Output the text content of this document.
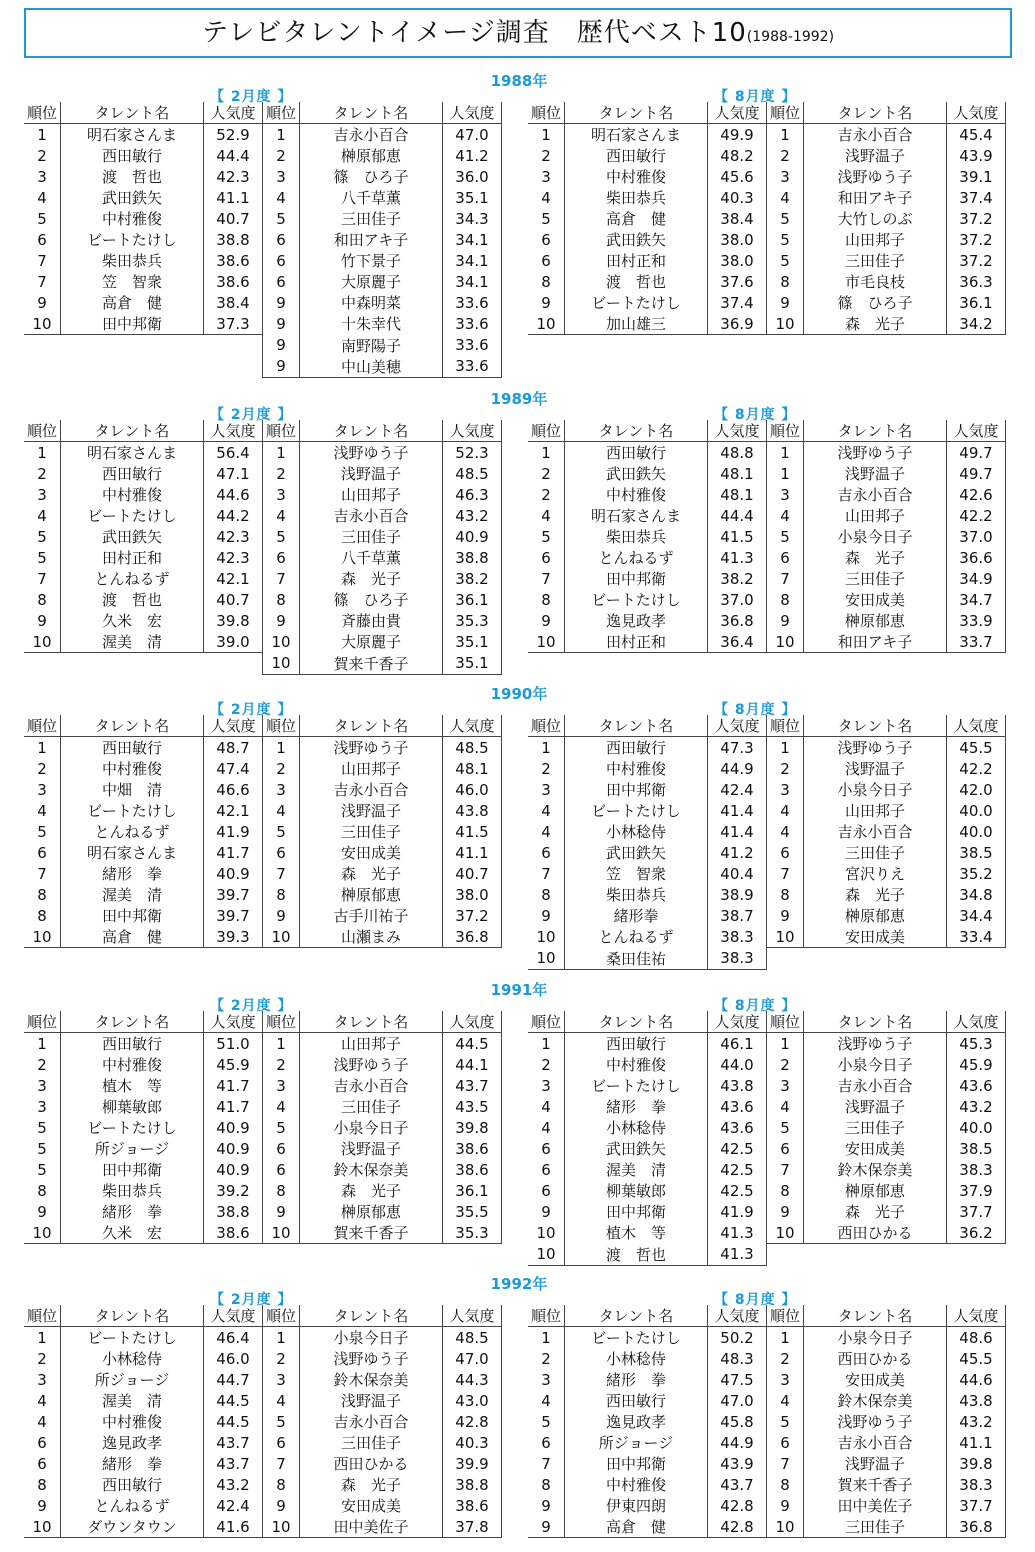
テレビタレントイメージ調査　歴代ベスト10(1988-1992)
1988年
【 2月度 】	【 8月度 】
順位	タレント名	人気度	順位	タレント名	人気度
1	明石家さんま	52.9	1	吉永小百合	47.0
2	西田敏行	44.4	2	榊原郁恵	41.2
3	渡　哲也	42.3	3	篠　ひろ子	36.0
4	武田鉄矢	41.1	4	八千草薫	35.1
5	中村雅俊	40.7	5	三田佳子	34.3
6	ビートたけし	38.8	6	和田アキ子	34.1
7	柴田恭兵	38.6	6	竹下景子	34.1
7	笠　智衆	38.6	6	大原麗子	34.1
9	高倉　健	38.4	9	中森明菜	33.6
10	田中邦衛	37.3	9	十朱幸代	33.6
			9	南野陽子	33.6
			9	中山美穂	33.6
順位	タレント名	人気度	順位	タレント名	人気度
1	明石家さんま	49.9	1	吉永小百合	45.4
2	西田敏行	48.2	2	浅野温子	43.9
3	中村雅俊	45.6	3	浅野ゆう子	39.1
4	柴田恭兵	40.3	4	和田アキ子	37.4
5	高倉　健	38.4	5	大竹しのぶ	37.2
6	武田鉄矢	38.0	5	山田邦子	37.2
6	田村正和	38.0	5	三田佳子	37.2
8	渡　哲也	37.6	8	市毛良枝	36.3
9	ビートたけし	37.4	9	篠　ひろ子	36.1
10	加山雄三	36.9	10	森　光子	34.2
1989年
【 2月度 】	【 8月度 】
順位	タレント名	人気度	順位	タレント名	人気度
1	明石家さんま	56.4	1	浅野ゆう子	52.3
2	西田敏行	47.1	2	浅野温子	48.5
3	中村雅俊	44.6	3	山田邦子	46.3
4	ビートたけし	44.2	4	吉永小百合	43.2
5	武田鉄矢	42.3	5	三田佳子	40.9
5	田村正和	42.3	6	八千草薫	38.8
7	とんねるず	42.1	7	森　光子	38.2
8	渡　哲也	40.7	8	篠　ひろ子	36.1
9	久米　宏	39.8	9	斉藤由貴	35.3
10	渥美　清	39.0	10	大原麗子	35.1
			10	賀来千香子	35.1
順位	タレント名	人気度	順位	タレント名	人気度
1	西田敏行	48.8	1	浅野ゆう子	49.7
2	武田鉄矢	48.1	1	浅野温子	49.7
2	中村雅俊	48.1	3	吉永小百合	42.6
4	明石家さんま	44.4	4	山田邦子	42.2
5	柴田恭兵	41.5	5	小泉今日子	37.0
6	とんねるず	41.3	6	森　光子	36.6
7	田中邦衛	38.2	7	三田佳子	34.9
8	ビートたけし	37.0	8	安田成美	34.7
9	逸見政孝	36.8	9	榊原郁恵	33.9
10	田村正和	36.4	10	和田アキ子	33.7
1990年
【 2月度 】	【 8月度 】
順位	タレント名	人気度	順位	タレント名	人気度
1	西田敏行	48.7	1	浅野ゆう子	48.5
2	中村雅俊	47.4	2	山田邦子	48.1
3	中畑　清	46.6	3	吉永小百合	46.0
4	ビートたけし	42.1	4	浅野温子	43.8
5	とんねるず	41.9	5	三田佳子	41.5
6	明石家さんま	41.7	6	安田成美	41.1
7	緒形　拳	40.9	7	森　光子	40.7
8	渥美　清	39.7	8	榊原郁恵	38.0
8	田中邦衛	39.7	9	古手川祐子	37.2
10	高倉　健	39.3	10	山瀬まみ	36.8
順位	タレント名	人気度	順位	タレント名	人気度
1	西田敏行	47.3	1	浅野ゆう子	45.5
2	中村雅俊	44.9	2	浅野温子	42.2
3	田中邦衛	42.4	3	小泉今日子	42.0
4	ビートたけし	41.4	4	山田邦子	40.0
4	小林稔侍	41.4	4	吉永小百合	40.0
6	武田鉄矢	41.2	6	三田佳子	38.5
7	笠　智衆	40.4	7	宮沢りえ	35.2
8	柴田恭兵	38.9	8	森　光子	34.8
9	緒形拳	38.7	9	榊原郁恵	34.4
10	とんねるず	38.3	10	安田成美	33.4
10	桑田佳祐	38.3			
1991年
【 2月度 】	【 8月度 】
順位	タレント名	人気度	順位	タレント名	人気度
1	西田敏行	51.0	1	山田邦子	44.5
2	中村雅俊	45.9	2	浅野ゆう子	44.1
3	植木　等	41.7	3	吉永小百合	43.7
3	柳葉敏郎	41.7	4	三田佳子	43.5
5	ビートたけし	40.9	5	小泉今日子	39.8
5	所ジョージ	40.9	6	浅野温子	38.6
5	田中邦衛	40.9	6	鈴木保奈美	38.6
8	柴田恭兵	39.2	8	森　光子	36.1
9	緒形　拳	38.8	9	榊原郁恵	35.5
10	久米　宏	38.6	10	賀来千香子	35.3
順位	タレント名	人気度	順位	タレント名	人気度
1	西田敏行	46.1	1	浅野ゆう子	45.3
2	中村雅俊	44.0	2	小泉今日子	45.9
3	ビートたけし	43.8	3	吉永小百合	43.6
4	緒形　拳	43.6	4	浅野温子	43.2
4	小林稔侍	43.6	5	三田佳子	40.0
6	武田鉄矢	42.5	6	安田成美	38.5
6	渥美　清	42.5	7	鈴木保奈美	38.3
6	柳葉敏郎	42.5	8	榊原郁恵	37.9
9	田中邦衛	41.9	9	森　光子	37.7
10	植木　等	41.3	10	西田ひかる	36.2
10	渡　哲也	41.3			
1992年
【 2月度 】	【 8月度 】
順位	タレント名	人気度	順位	タレント名	人気度
1	ビートたけし	46.4	1	小泉今日子	48.5
2	小林稔侍	46.0	2	浅野ゆう子	47.0
3	所ジョージ	44.7	3	鈴木保奈美	44.3
4	渥美　清	44.5	4	浅野温子	43.0
4	中村雅俊	44.5	5	吉永小百合	42.8
6	逸見政孝	43.7	6	三田佳子	40.3
6	緒形　拳	43.7	7	西田ひかる	39.9
8	西田敏行	43.2	8	森　光子	38.8
9	とんねるず	42.4	9	安田成美	38.6
10	ダウンタウン	41.6	10	田中美佐子	37.8
順位	タレント名	人気度	順位	タレント名	人気度
1	ビートたけし	50.2	1	小泉今日子	48.6
2	小林稔侍	48.3	2	西田ひかる	45.5
3	緒形　拳	47.5	3	安田成美	44.6
4	西田敏行	47.0	4	鈴木保奈美	43.8
5	逸見政孝	45.8	5	浅野ゆう子	43.2
6	所ジョージ	44.9	6	吉永小百合	41.1
7	田中邦衛	43.9	7	浅野温子	39.8
8	中村雅俊	43.7	8	賀来千香子	38.3
9	伊東四朗	42.8	9	田中美佐子	37.7
9	高倉　健	42.8	10	三田佳子	36.8
